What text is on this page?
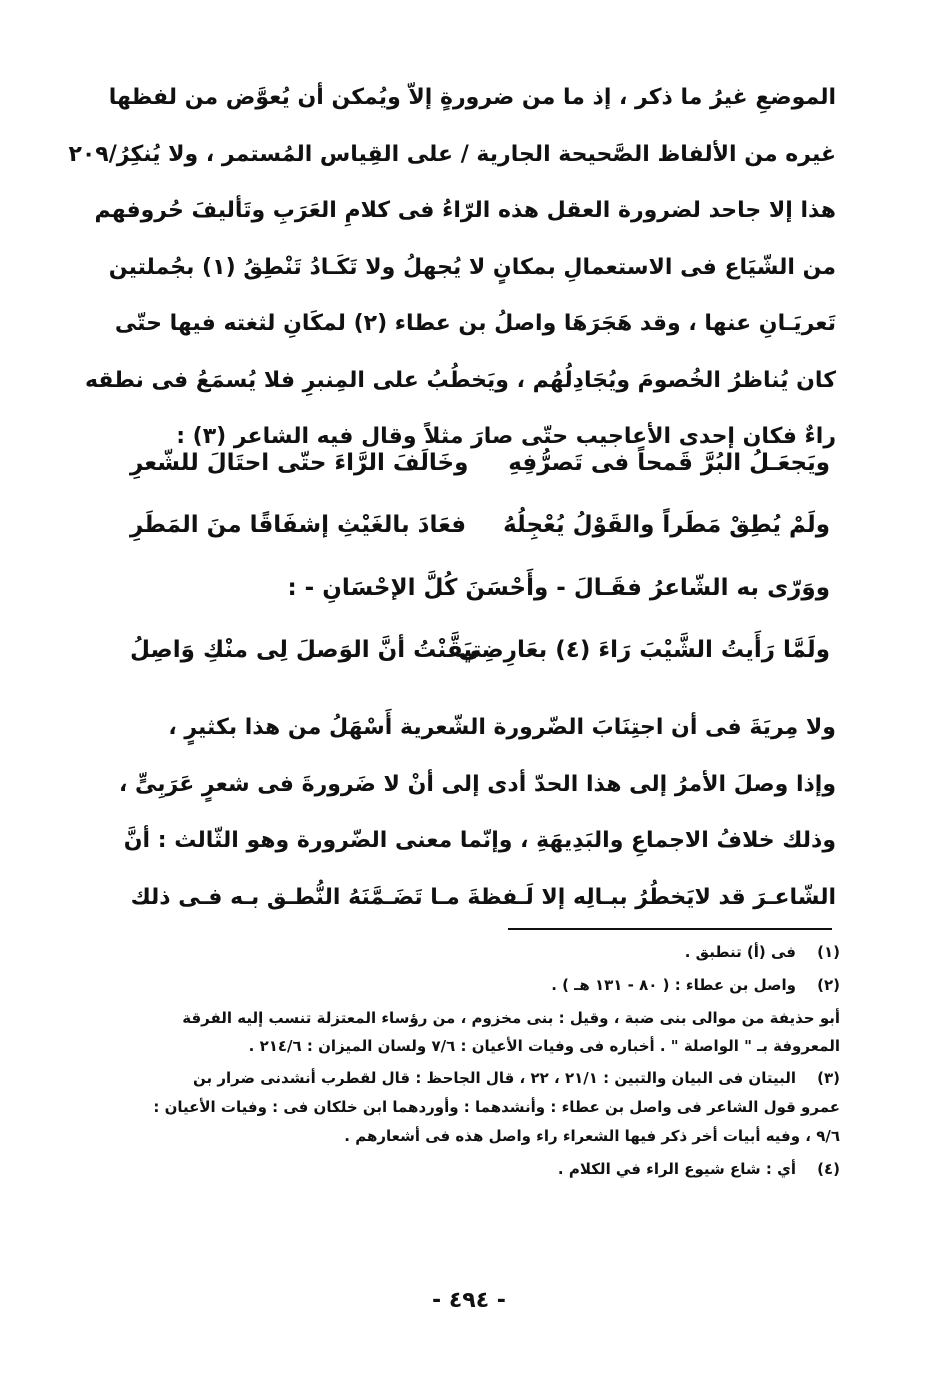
الموضعِ غيرُ ما ذكر ، إذ ما من ضرورةٍ إلاّ ويُمكن أن يُعوَّض من لفظها
غيره من الألفاظ الصَّحيحة الجارية / على القِياس المُستمر ، ولا يُنكِرُ/٢٠٩
هذا إلا جاحد لضرورة العقل هذه الرّاءُ فى كلامِ العَرَبِ وتَأليفَ حُروفهم
من الشّيَاع فى الاستعمالِ بمكانٍ لا يُجهلُ ولا تَكَـادُ تَنْطِقُ (١) بجُملتين
تَعريَـانِ عنها ، وقد هَجَرَهَا واصلُ بن عطاء (٢) لمكَانِ لثغته فيها حتّى
كان يُناظرُ الخُصومَ ويُجَادِلُهُم ، ويَخطُبُ على المِنبرِ فلا يُسمَعُ فى نطقه
راءٌ فكان إحدى الأعاجيب حتّى صارَ مثلاً وقال فيه الشاعر (٣) :
ويَجعَـلُ البُرَّ قَمحاً فى تَصرُّفِهِ
وخَالَفَ الرَّاءَ حتّى احتَالَ للشّعرِ
ولَمْ يُطِقْ مَطَراً والقَوْلُ يُعْجِلُهُ
فعَادَ بالغَيْثِ إشفَاقًا منَ المَطَرِ
ووَرّى به الشّاعرُ فقَـالَ - وأَحْسَنَ كُلَّ الإحْسَانِ - :
ولَمَّا رَأَيتُ الشَّيْبَ رَاءَ (٤) بعَارِضِي
تيَقَّنْتُ أنَّ الوَصلَ لِى منْكِ وَاصِلُ
ولا مِريَةَ فى أن اجتِنَابَ الضّرورة الشّعرية أَسْهَلُ من هذا بكثيرٍ ،
وإذا وصلَ الأمرُ إلى هذا الحدّ أدى إلى أنْ لا ضَرورةَ فى شعرٍ عَرَبِىٍّ ،
وذلك خلافُ الاجماعِ والبَدِيهَةِ ، وإنّما معنى الضّرورة وهو الثّالث : أنَّ
الشّاعـرَ قد لايَخطُرُ ببـالِه إلا لَـفظةَ مـا تَضَـمَّنَهُ النُّطـق بـه فـى ذلك
(١)فى (أ) تنطبق .
(٢)واصل بن عطاء : ( ٨٠ - ١٣١ هـ ) .
أبو حذيفة من موالى بنى ضبة ، وقيل : بنى مخزوم ، من رؤساء المعتزلة تنسب إليه الفرقة المعروفة بـ " الواصلة " . أخباره فى وفيات الأعيان : ٧/٦ ولسان الميزان : ٢١٤/٦ .
(٣)البيتان فى البيان والتبين : ٢١/١ ، ٢٢ ، قال الجاحظ : قال لقطرب أنشدنى ضرار بن عمرو قول الشاعر فى واصل بن عطاء : وأنشدهما : وأوردهما ابن خلكان فى : وفيات الأعيان : ٩/٦ ، وفيه أبيات أخر ذكر فيها الشعراء راء واصل هذه فى أشعارهم .
(٤)أي : شاع شيوع الراء في الكلام .
- ٤٩٤ -
